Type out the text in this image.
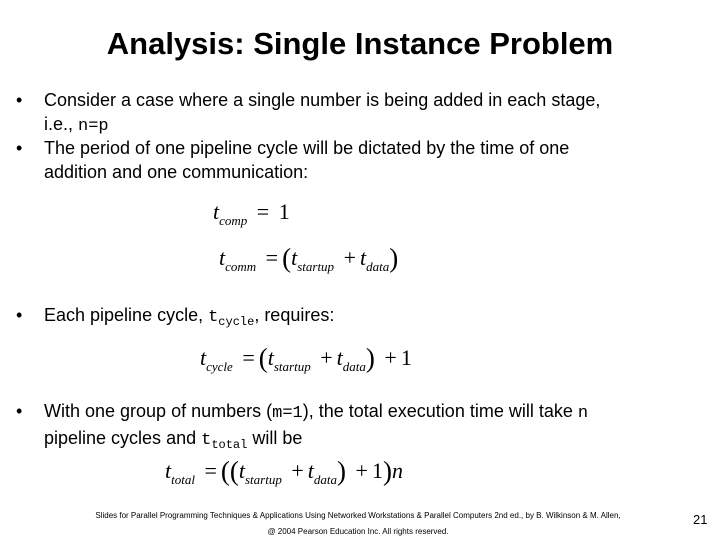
Analysis: Single Instance Problem
•	Consider a case where a single number is being added in each stage,
i.e., n=p
•	The period of one pipeline cycle will be dictated by the time of one
addition and one communication:
$t_{comp} = 1$
$t_{comm} = (t_{startup} + t_{data})$
•	Each pipeline cycle, $t_{cycle}$, requires:
$t_{cycle} = (t_{startup} + t_{data}) + 1$
•	With one group of numbers (m=1), the total execution time will take n
pipeline cycles and $t_{total}$ will be
$t_{total} = ((t_{startup} + t_{data}) + 1)n$
Slides for Parallel Programming Techniques & Applications Using Networked Workstations & Parallel Computers 2nd ed., by B. Wilkinson & M. Allen,
@ 2004 Pearson Education Inc. All rights reserved.
21
